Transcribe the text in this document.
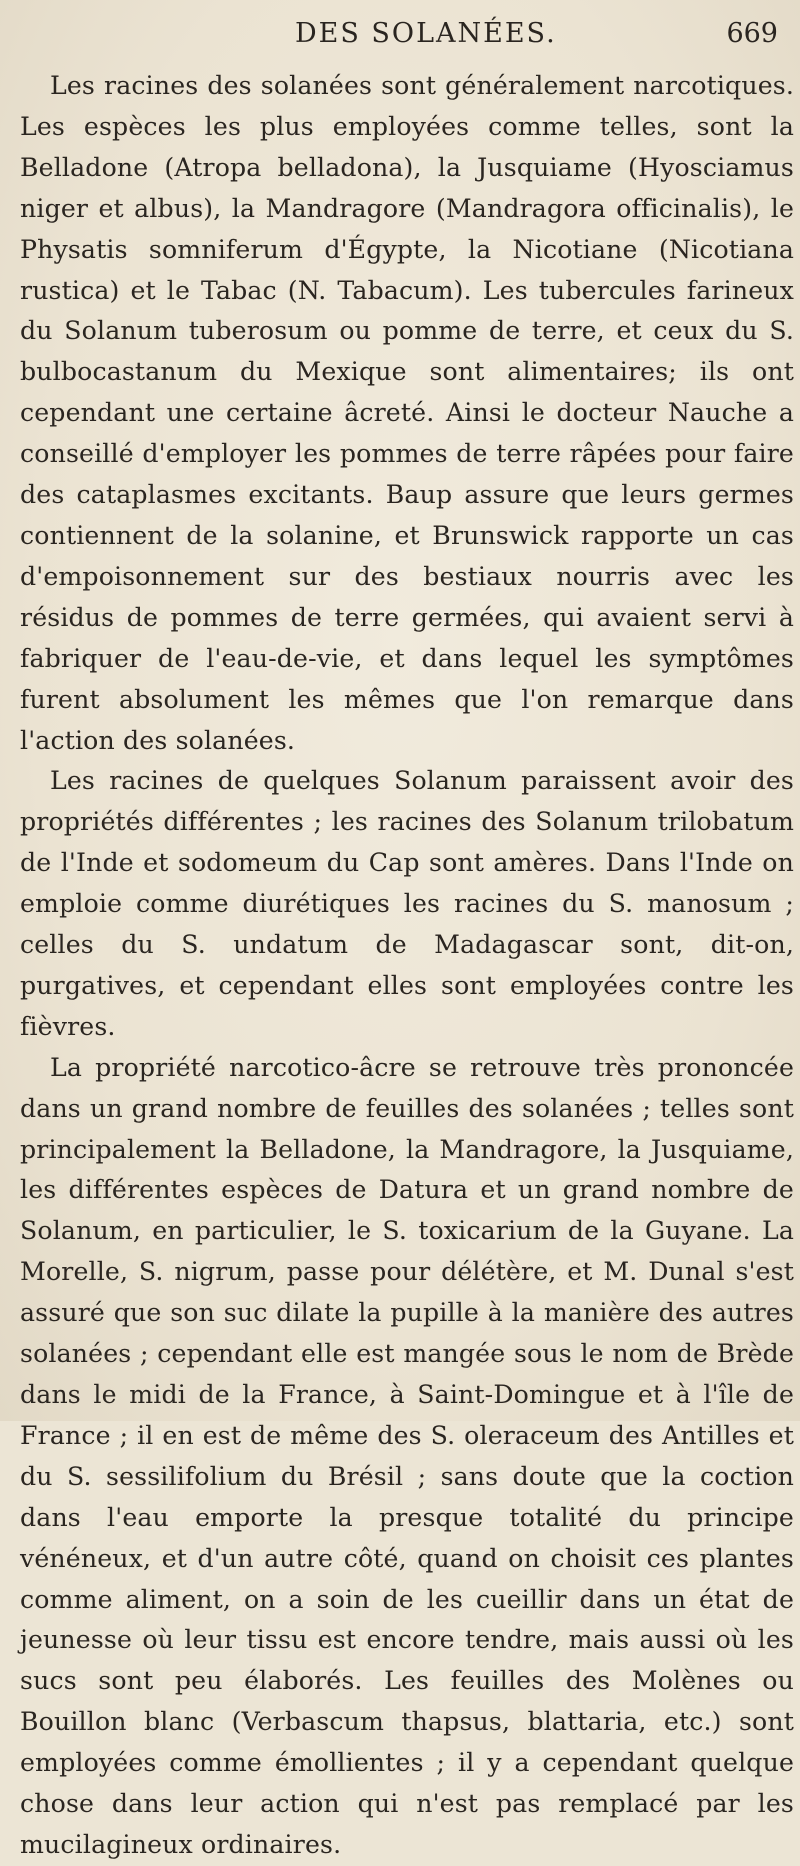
DES SOLANÉES.	669

Les racines des solanées sont généralement narcotiques. Les espèces les plus employées comme telles, sont la Belladone (Atropa belladona), la Jusquiame (Hyosciamus niger et albus), la Mandragore (Mandragora officinalis), le Physatis somniferum d'Égypte, la Nicotiane (Nicotiana rustica) et le Tabac (N. Tabacum). Les tubercules farineux du Solanum tuberosum ou pomme de terre, et ceux du S. bulbocastanum du Mexique sont alimentaires; ils ont cependant une certaine âcreté. Ainsi le docteur Nauche a conseillé d'employer les pommes de terre râpées pour faire des cataplasmes excitants. Baup assure que leurs germes contiennent de la solanine, et Brunswick rapporte un cas d'empoisonnement sur des bestiaux nourris avec les résidus de pommes de terre germées, qui avaient servi à fabriquer de l'eau-de-vie, et dans lequel les symptômes furent absolument les mêmes que l'on remarque dans l'action des solanées.

Les racines de quelques Solanum paraissent avoir des propriétés différentes ; les racines des Solanum trilobatum de l'Inde et sodomeum du Cap sont amères. Dans l'Inde on emploie comme diurétiques les racines du S. manosum ; celles du S. undatum de Madagascar sont, dit-on, purgatives, et cependant elles sont employées contre les fièvres.

La propriété narcotico-âcre se retrouve très prononcée dans un grand nombre de feuilles des solanées ; telles sont principalement la Belladone, la Mandragore, la Jusquiame, les différentes espèces de Datura et un grand nombre de Solanum, en particulier, le S. toxicarium de la Guyane. La Morelle, S. nigrum, passe pour délétère, et M. Dunal s'est assuré que son suc dilate la pupille à la manière des autres solanées ; cependant elle est mangée sous le nom de Brède dans le midi de la France, à Saint-Domingue et à l'île de France ; il en est de même des S. oleraceum des Antilles et du S. sessilifolium du Brésil ; sans doute que la coction dans l'eau emporte la presque totalité du principe vénéneux, et d'un autre côté, quand on choisit ces plantes comme aliment, on a soin de les cueillir dans un état de jeunesse où leur tissu est encore tendre, mais aussi où les sucs sont peu élaborés. Les feuilles des Molènes ou Bouillon blanc (Verbascum thapsus, blattaria, etc.) sont employées comme émollientes ; il y a cependant quelque chose dans leur action qui n'est pas remplacé par les mucilagineux ordinaires.
